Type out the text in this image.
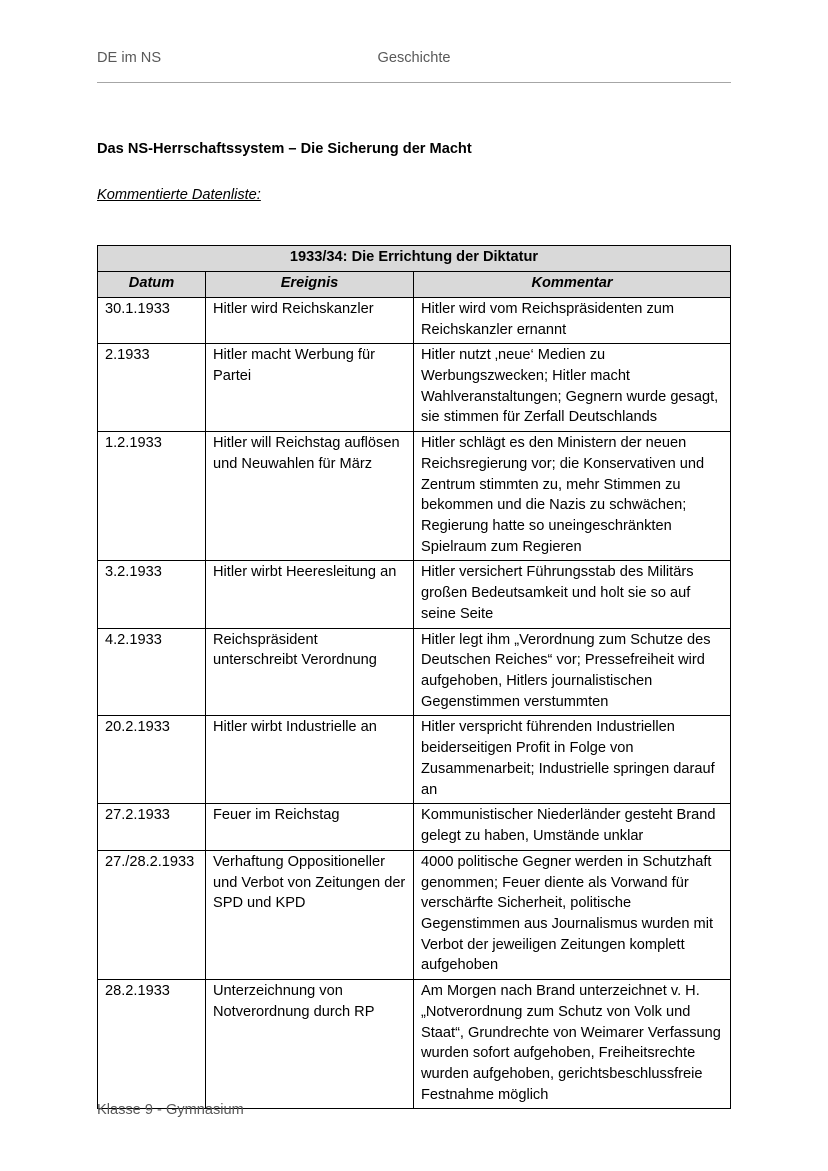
DE im NS	Geschichte
Das NS-Herrschaftssystem – Die Sicherung der Macht
Kommentierte Datenliste:
1933/34: Die Errichtung der Diktatur		
Datum	Ereignis	Kommentar
30.1.1933	Hitler wird Reichskanzler	Hitler wird vom Reichspräsidenten zum Reichskanzler ernannt
2.1933	Hitler macht Werbung für Partei	Hitler nutzt ‚neue‘ Medien zu Werbungszwecken; Hitler macht Wahlveranstaltungen; Gegnern wurde gesagt, sie stimmen für Zerfall Deutschlands
1.2.1933	Hitler will Reichstag auflösen und Neuwahlen für März	Hitler schlägt es den Ministern der neuen Reichsregierung vor; die Konservativen und Zentrum stimmten zu, mehr Stimmen zu bekommen und die Nazis zu schwächen; Regierung hatte so uneingeschränkten Spielraum zum Regieren
3.2.1933	Hitler wirbt Heeresleitung an	Hitler versichert Führungsstab des Militärs großen Bedeutsamkeit und holt sie so auf seine Seite
4.2.1933	Reichspräsident unterschreibt Verordnung	Hitler legt ihm „Verordnung zum Schutze des Deutschen Reiches“ vor; Pressefreiheit wird aufgehoben, Hitlers journalistischen Gegenstimmen verstummten
20.2.1933	Hitler wirbt Industrielle an	Hitler verspricht führenden Industriellen beiderseitigen Profit in Folge von Zusammenarbeit; Industrielle springen darauf an
27.2.1933	Feuer im Reichstag	Kommunistischer Niederländer gesteht Brand gelegt zu haben, Umstände unklar
27./28.2.1933	Verhaftung Oppositioneller und Verbot von Zeitungen der SPD und KPD	4000 politische Gegner werden in Schutzhaft genommen; Feuer diente als Vorwand für verschärfte Sicherheit, politische Gegenstimmen aus Journalismus wurden mit Verbot der jeweiligen Zeitungen komplett aufgehoben
28.2.1933	Unterzeichnung von Notverordnung durch RP	Am Morgen nach Brand unterzeichnet v. H. „Notverordnung zum Schutz von Volk und Staat“, Grundrechte von Weimarer Verfassung wurden sofort aufgehoben, Freiheitsrechte wurden aufgehoben, gerichtsbeschlussfreie Festnahme möglich
Klasse 9 - Gymnasium
